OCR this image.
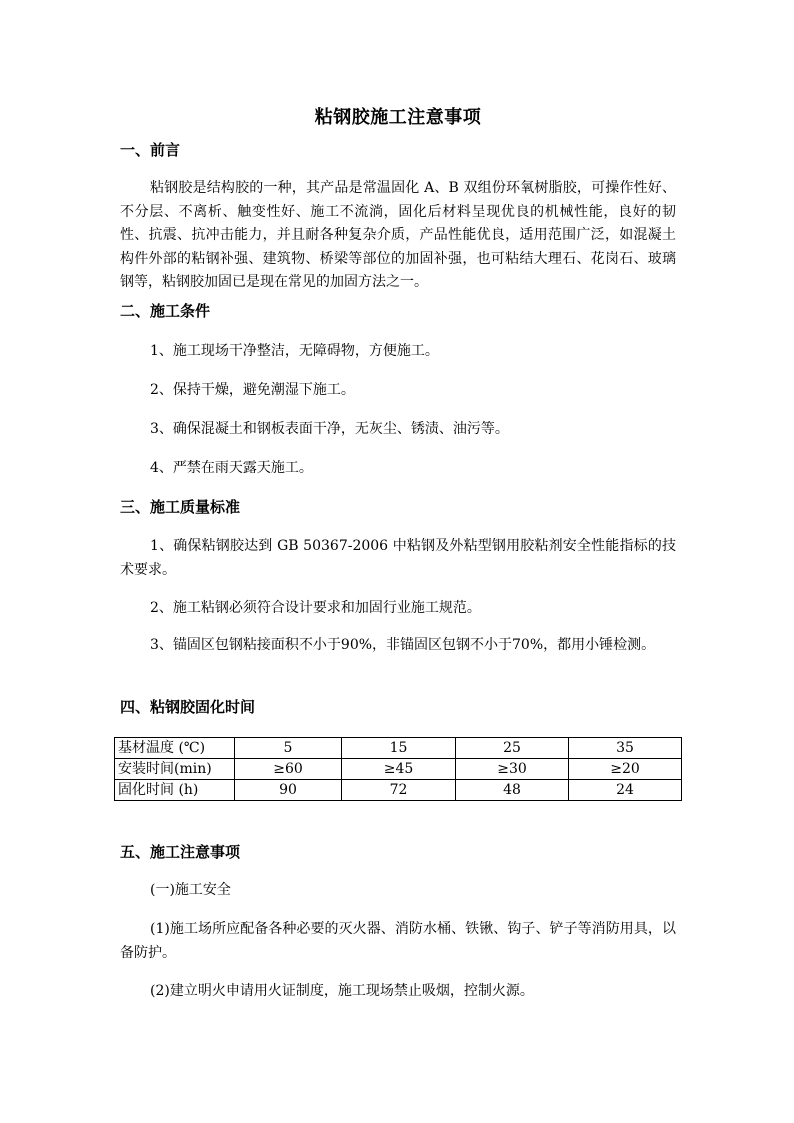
粘钢胶施工注意事项
一、前言
粘钢胶是结构胶的一种，其产品是常温固化 A、B 双组份环氧树脂胶，可操作性好、不分层、不离析、触变性好、施工不流淌，固化后材料呈现优良的机械性能，良好的韧性、抗震、抗冲击能力，并且耐各种复杂介质，产品性能优良，适用范围广泛，如混凝土构件外部的粘钢补强、建筑物、桥梁等部位的加固补强，也可粘结大理石、花岗石、玻璃钢等，粘钢胶加固已是现在常见的加固方法之一。
二、施工条件
1、施工现场干净整洁，无障碍物，方便施工。
2、保持干燥，避免潮湿下施工。
3、确保混凝土和钢板表面干净，无灰尘、锈渍、油污等。
4、严禁在雨天露天施工。
三、施工质量标准
1、确保粘钢胶达到 GB 50367-2006 中粘钢及外粘型钢用胶粘剂安全性能指标的技术要求。
2、施工粘钢必须符合设计要求和加固行业施工规范。
3、锚固区包钢粘接面积不小于90%，非锚固区包钢不小于70%，都用小锤检测。
四、粘钢胶固化时间
基材温度 (℃)	5	15	25	35
安装时间(min)	≥60	≥45	≥30	≥20
固化时间 (h)	90	72	48	24
五、施工注意事项
(一)施工安全
(1)施工场所应配备各种必要的灭火器、消防水桶、铁锹、钩子、铲子等消防用具，以备防护。
(2)建立明火申请用火证制度，施工现场禁止吸烟，控制火源。
